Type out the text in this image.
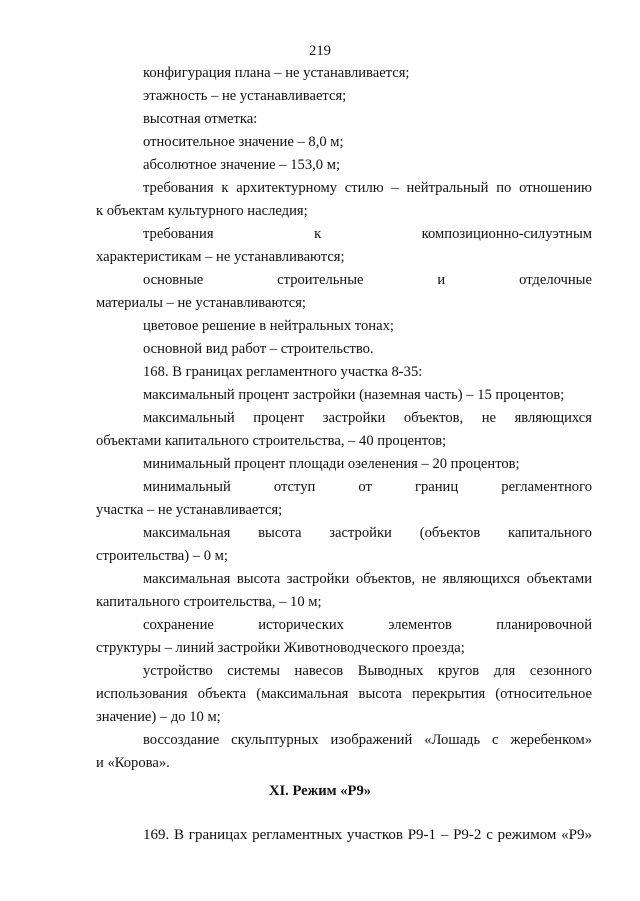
219
конфигурация плана – не устанавливается;
этажность – не устанавливается;
высотная отметка:
относительное значение – 8,0 м;
абсолютное значение – 153,0 м;
требования к архитектурному стилю – нейтральный по отношению
к объектам культурного наследия;
требования	к	композиционно-силуэтным
характеристикам – не устанавливаются;
основные	строительные	и	отделочные
материалы – не устанавливаются;
цветовое решение в нейтральных тонах;
основной вид работ – строительство.
168. В границах регламентного участка 8-35:
максимальный процент застройки (наземная часть) – 15 процентов;
максимальный процент застройки объектов, не являющихся
объектами капитального строительства, – 40 процентов;
минимальный процент площади озеленения – 20 процентов;
минимальный	отступ	от	границ	регламентного
участка – не устанавливается;
максимальная высота застройки (объектов капитального
строительства) – 0 м;
максимальная высота застройки объектов, не являющихся объектами
капитального строительства, – 10 м;
сохранение	исторических	элементов	планировочной
структуры – линий застройки Животноводческого проезда;
устройство системы навесов Выводных кругов для сезонного
использования объекта (максимальная высота перекрытия (относительное
значение) – до 10 м;
воссоздание скульптурных изображений «Лошадь с жеребенком»
и «Корова».
XI. Режим «Р9»
169. В границах регламентных участков Р9-1 – Р9-2 с режимом «Р9»
